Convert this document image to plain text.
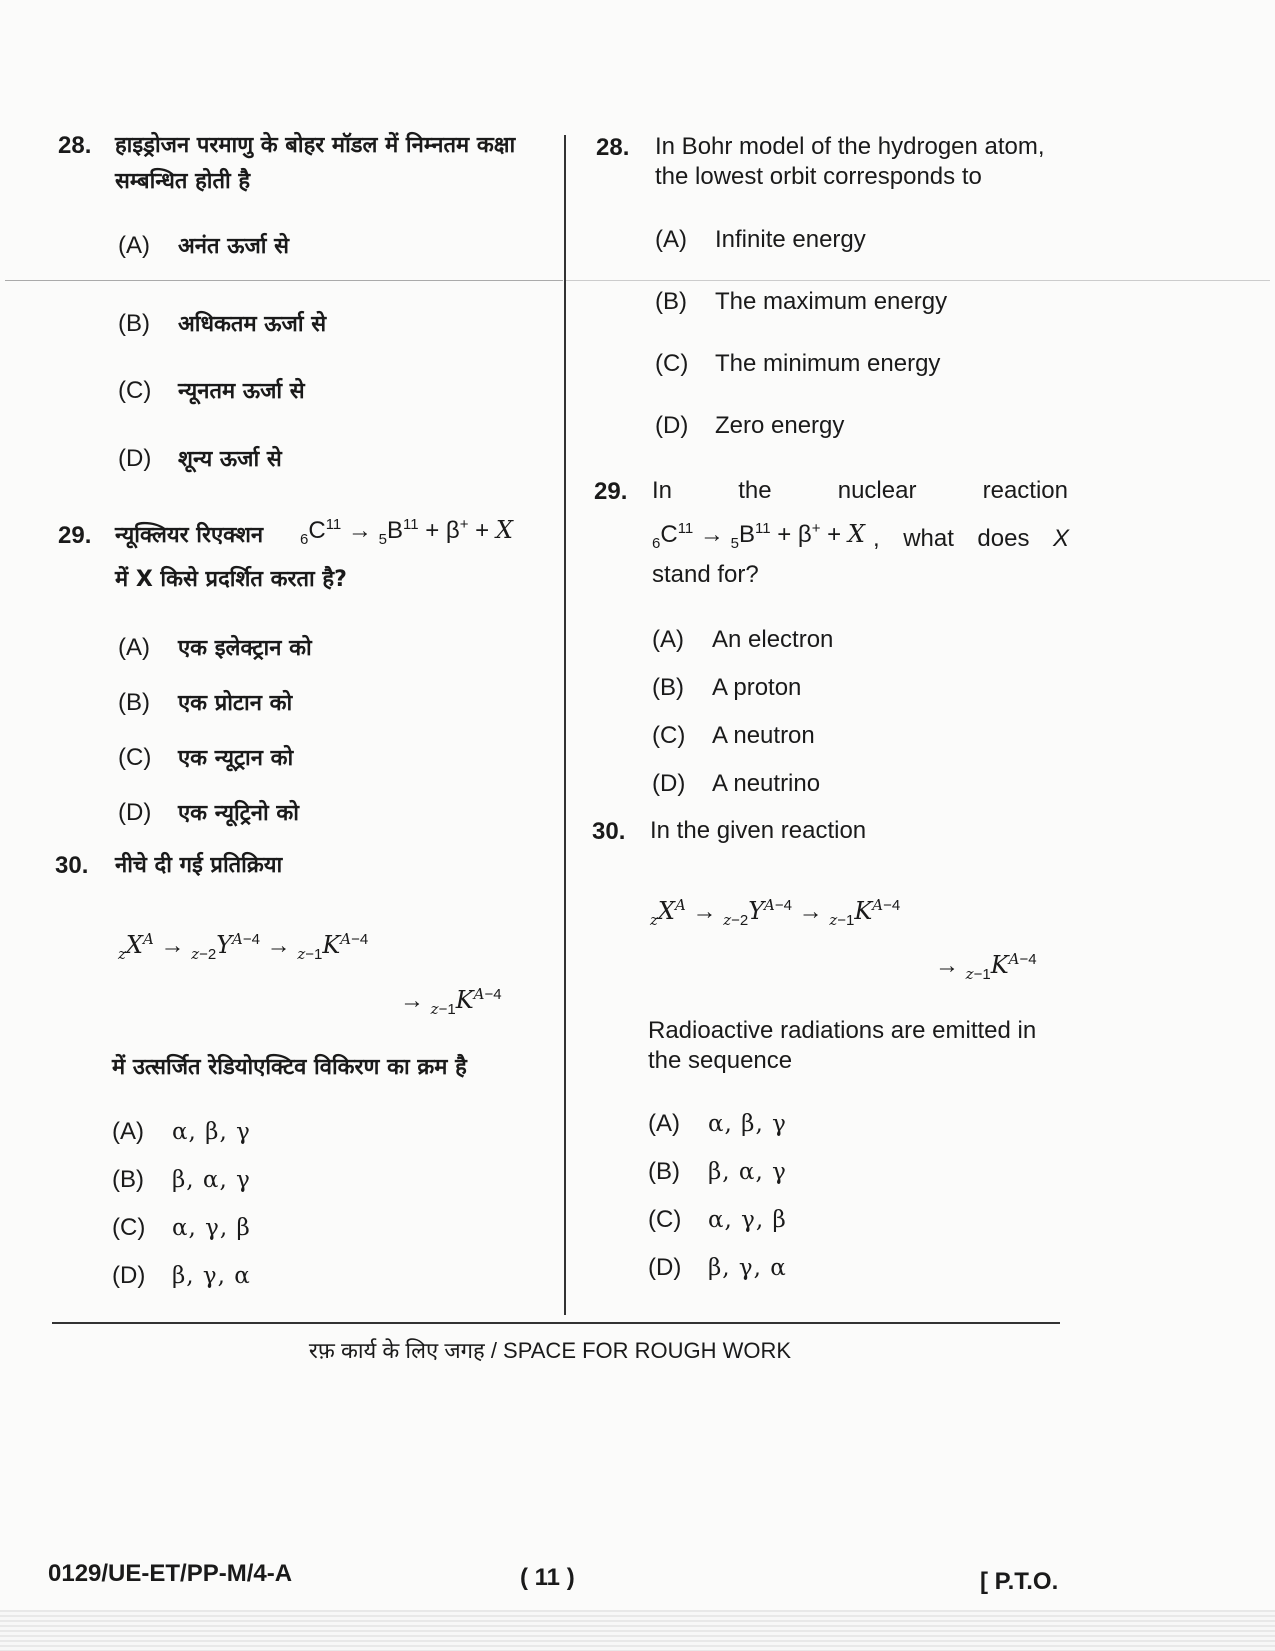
28. हाइड्रोजन परमाणु के बोहर मॉडल में निम्नतम कक्षा सम्बन्धित होती है
(A) अनंत ऊर्जा से
(B) अधिकतम ऊर्जा से
(C) न्यूनतम ऊर्जा से
(D) शून्य ऊर्जा से
29. न्यूक्लियर रिएक्शन $_6C^{11} \to _5B^{11} + \beta^+ + X$
में X किसे प्रदर्शित करता है?
(A) एक इलेक्ट्रान को
(B) एक प्रोटान को
(C) एक न्यूट्रान को
(D) एक न्यूट्रिनो को
30. नीचे दी गई प्रतिक्रिया
$_zX^A \to _{z-2}Y^{A-4} \to _{z-1}K^{A-4}$
→ $_{z-1}K^{A-4}$
में उत्सर्जित रेडियोएक्टिव विकिरण का क्रम है
(A) α, β, γ
(B) β, α, γ
(C) α, γ, β
(D) β, γ, α
28. In Bohr model of the hydrogen atom, the lowest orbit corresponds to
(A) Infinite energy
(B) The maximum energy
(C) The minimum energy
(D) Zero energy
29. In the nuclear reaction
$_6C^{11} \to _5B^{11} + \beta^+ + X$ , what does X
stand for?
(A) An electron
(B) A proton
(C) A neutron
(D) A neutrino
30. In the given reaction
$_zX^A \to _{z-2}Y^{A-4} \to _{z-1}K^{A-4}$
→ $_{z-1}K^{A-4}$
Radioactive radiations are emitted in the sequence
(A) α, β, γ
(B) β, α, γ
(C) α, γ, β
(D) β, γ, α
रफ़ कार्य के लिए जगह / SPACE FOR ROUGH WORK
0129/UE-ET/PP-M/4-A	( 11 )	[ P.T.O.
